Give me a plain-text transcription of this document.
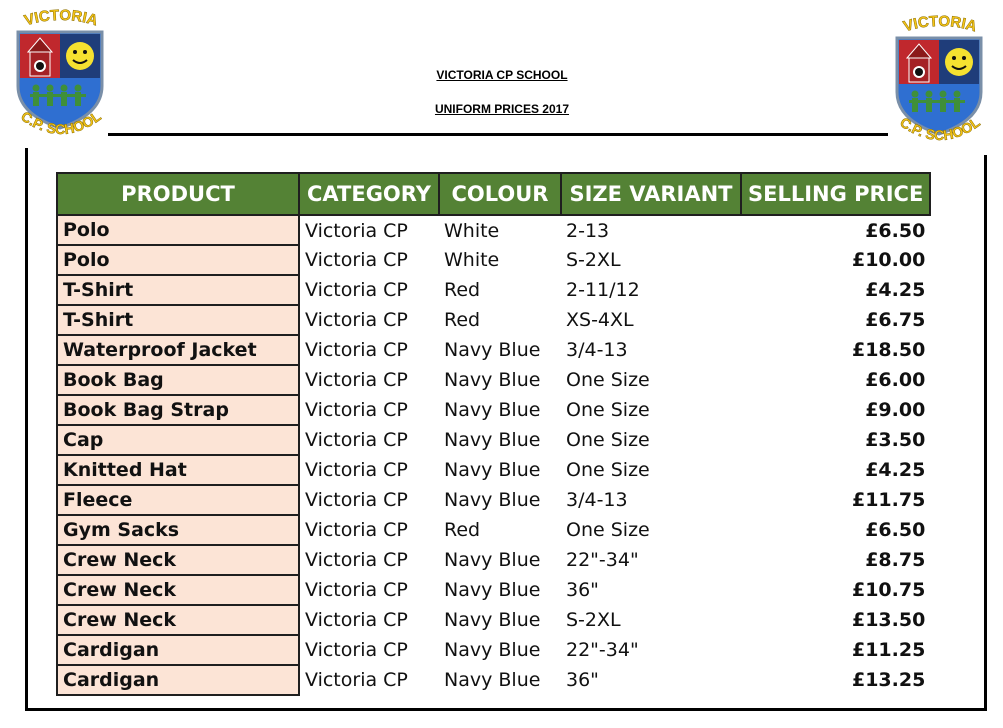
VICTORIA
C.P. SCHOOL
VICTORIA
C.P. SCHOOL
VICTORIA CP SCHOOL
UNIFORM PRICES 2017
PRODUCT	CATEGORY	COLOUR	SIZE VARIANT	SELLING PRICE
Polo	Victoria CP	White	2-13	£6.50
Polo	Victoria CP	White	S-2XL	£10.00
T-Shirt	Victoria CP	Red	2-11/12	£4.25
T-Shirt	Victoria CP	Red	XS-4XL	£6.75
Waterproof Jacket	Victoria CP	Navy Blue	3/4-13	£18.50
Book Bag	Victoria CP	Navy Blue	One Size	£6.00
Book Bag Strap	Victoria CP	Navy Blue	One Size	£9.00
Cap	Victoria CP	Navy Blue	One Size	£3.50
Knitted Hat	Victoria CP	Navy Blue	One Size	£4.25
Fleece	Victoria CP	Navy Blue	3/4-13	£11.75
Gym Sacks	Victoria CP	Red	One Size	£6.50
Crew Neck	Victoria CP	Navy Blue	22"-34"	£8.75
Crew Neck	Victoria CP	Navy Blue	36"	£10.75
Crew Neck	Victoria CP	Navy Blue	S-2XL	£13.50
Cardigan	Victoria CP	Navy Blue	22"-34"	£11.25
Cardigan	Victoria CP	Navy Blue	36"	£13.25
